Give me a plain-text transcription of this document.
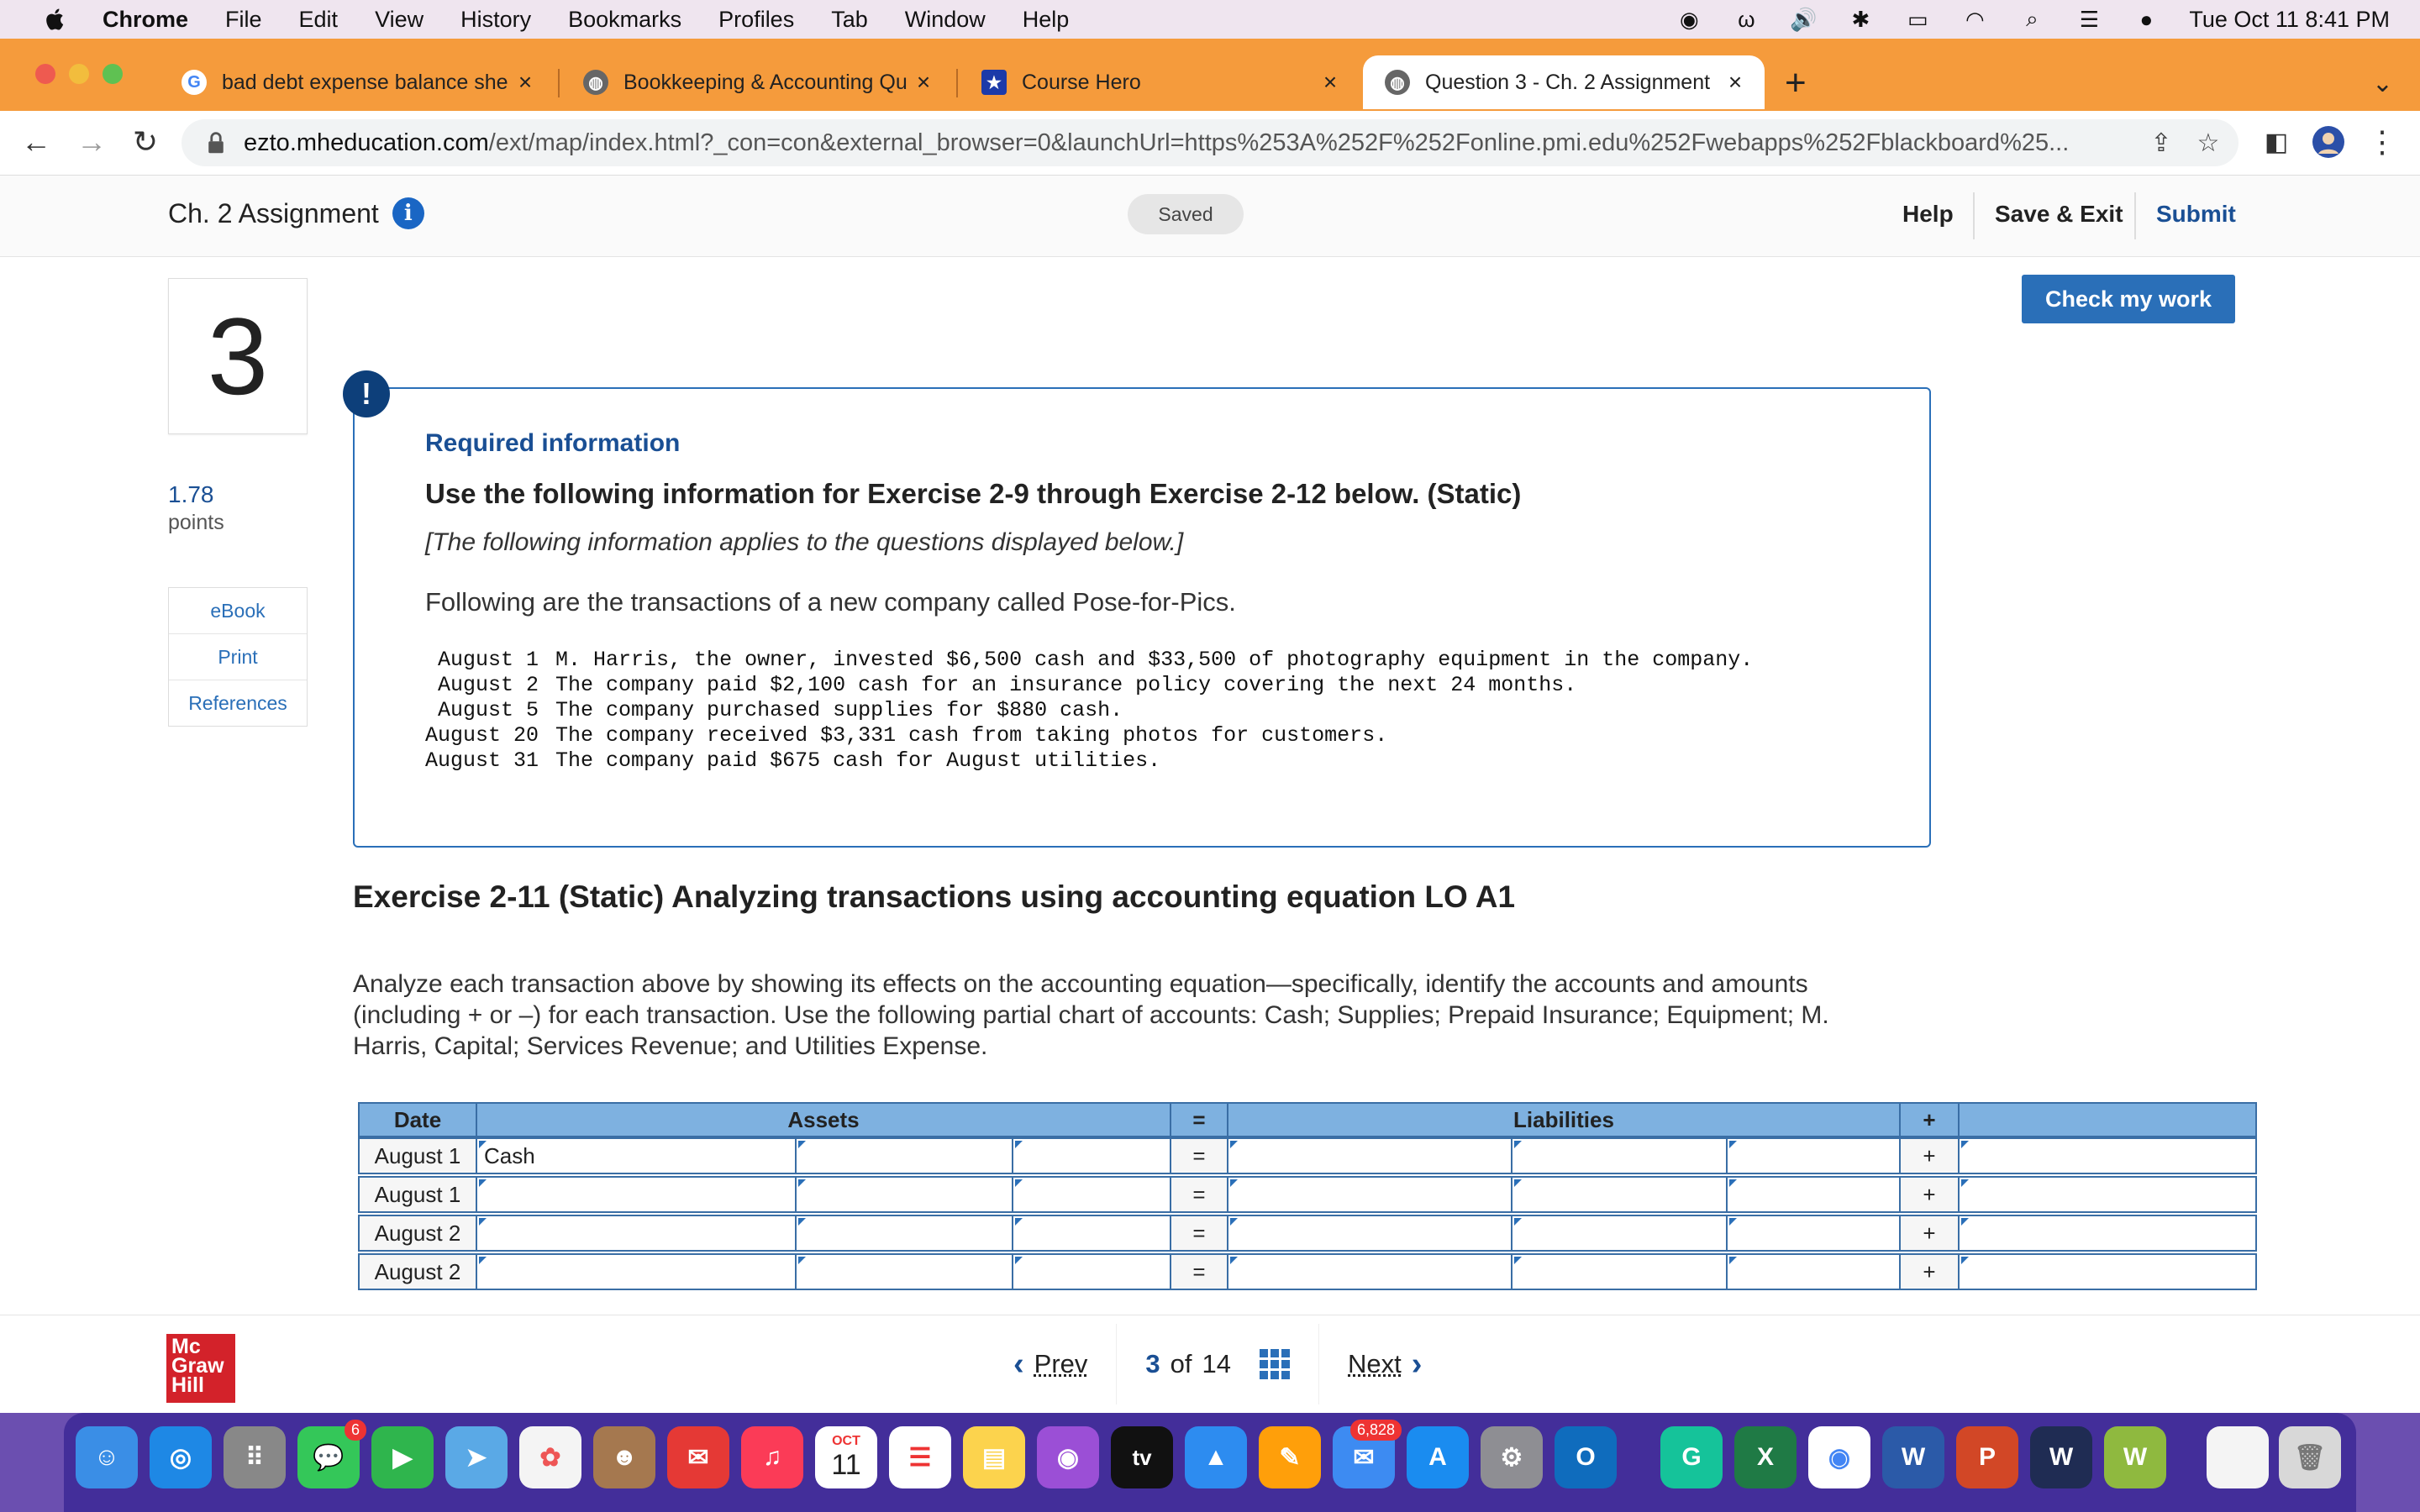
Chrome File Edit View History Bookmarks Profiles Tab Window Help	◉ ω 🔊 ✱ ▭ ◠	⌕	☰	●	Tue Oct 11 8:41 PM
G bad debt expense balance she ×	◍ Bookkeeping & Accounting Qu ×	★ Course Hero	×	◍ Question 3 - Ch. 2 Assignment × +	⌄
← → ↻	ezto.mheducation.com/ext/map/index.html?_con=con&external_browser=0&launchUrl=https%253A%252F%252Fonline.pmi.edu%252Fwebapps%252Fblackboard%25...	⇪ ☆ ◧	⋮
Ch. 2 Assignment	i	Saved	Help Save & Exit Submit
Check my work
3
1.78
points
eBook
Print
References
!
Required information
Use the following information for Exercise 2-9 through Exercise 2-12 below. (Static)
[The following information applies to the questions displayed below.]
Following are the transactions of a new company called Pose-for-Pics.
August 1	M. Harris, the owner, invested $6,500 cash and $33,500 of photography equipment in the company.
August 2	The company paid $2,100 cash for an insurance policy covering the next 24 months.
August 5	The company purchased supplies for $880 cash.
August 20	The company received $3,331 cash from taking photos for customers.
August 31	The company paid $675 cash for August utilities.
Exercise 2-11 (Static) Analyzing transactions using accounting equation LO A1
Analyze each transaction above by showing its effects on the accounting equation—specifically, identify the accounts and amounts (including + or –) for each transaction. Use the following partial chart of accounts: Cash; Supplies; Prepaid Insurance; Equipment; M. Harris, Capital; Services Revenue; and Utilities Expense.
Date	Assets	=	Liabilities	+
August 1	Cash	=	+
August 1	=	+
August 2	=	+
August 2	=	+
Mc
Graw
Hill
‹ Prev 3 of 14	Next ›
☺	◎	⠿	💬
6
▶	➤	✿	☻	✉	♫
OCT
11	☰	▤	◉	tv	▲	✎	✉
6,828
A	⚙	O	G	X	◉	W	P	W	W	🗑
